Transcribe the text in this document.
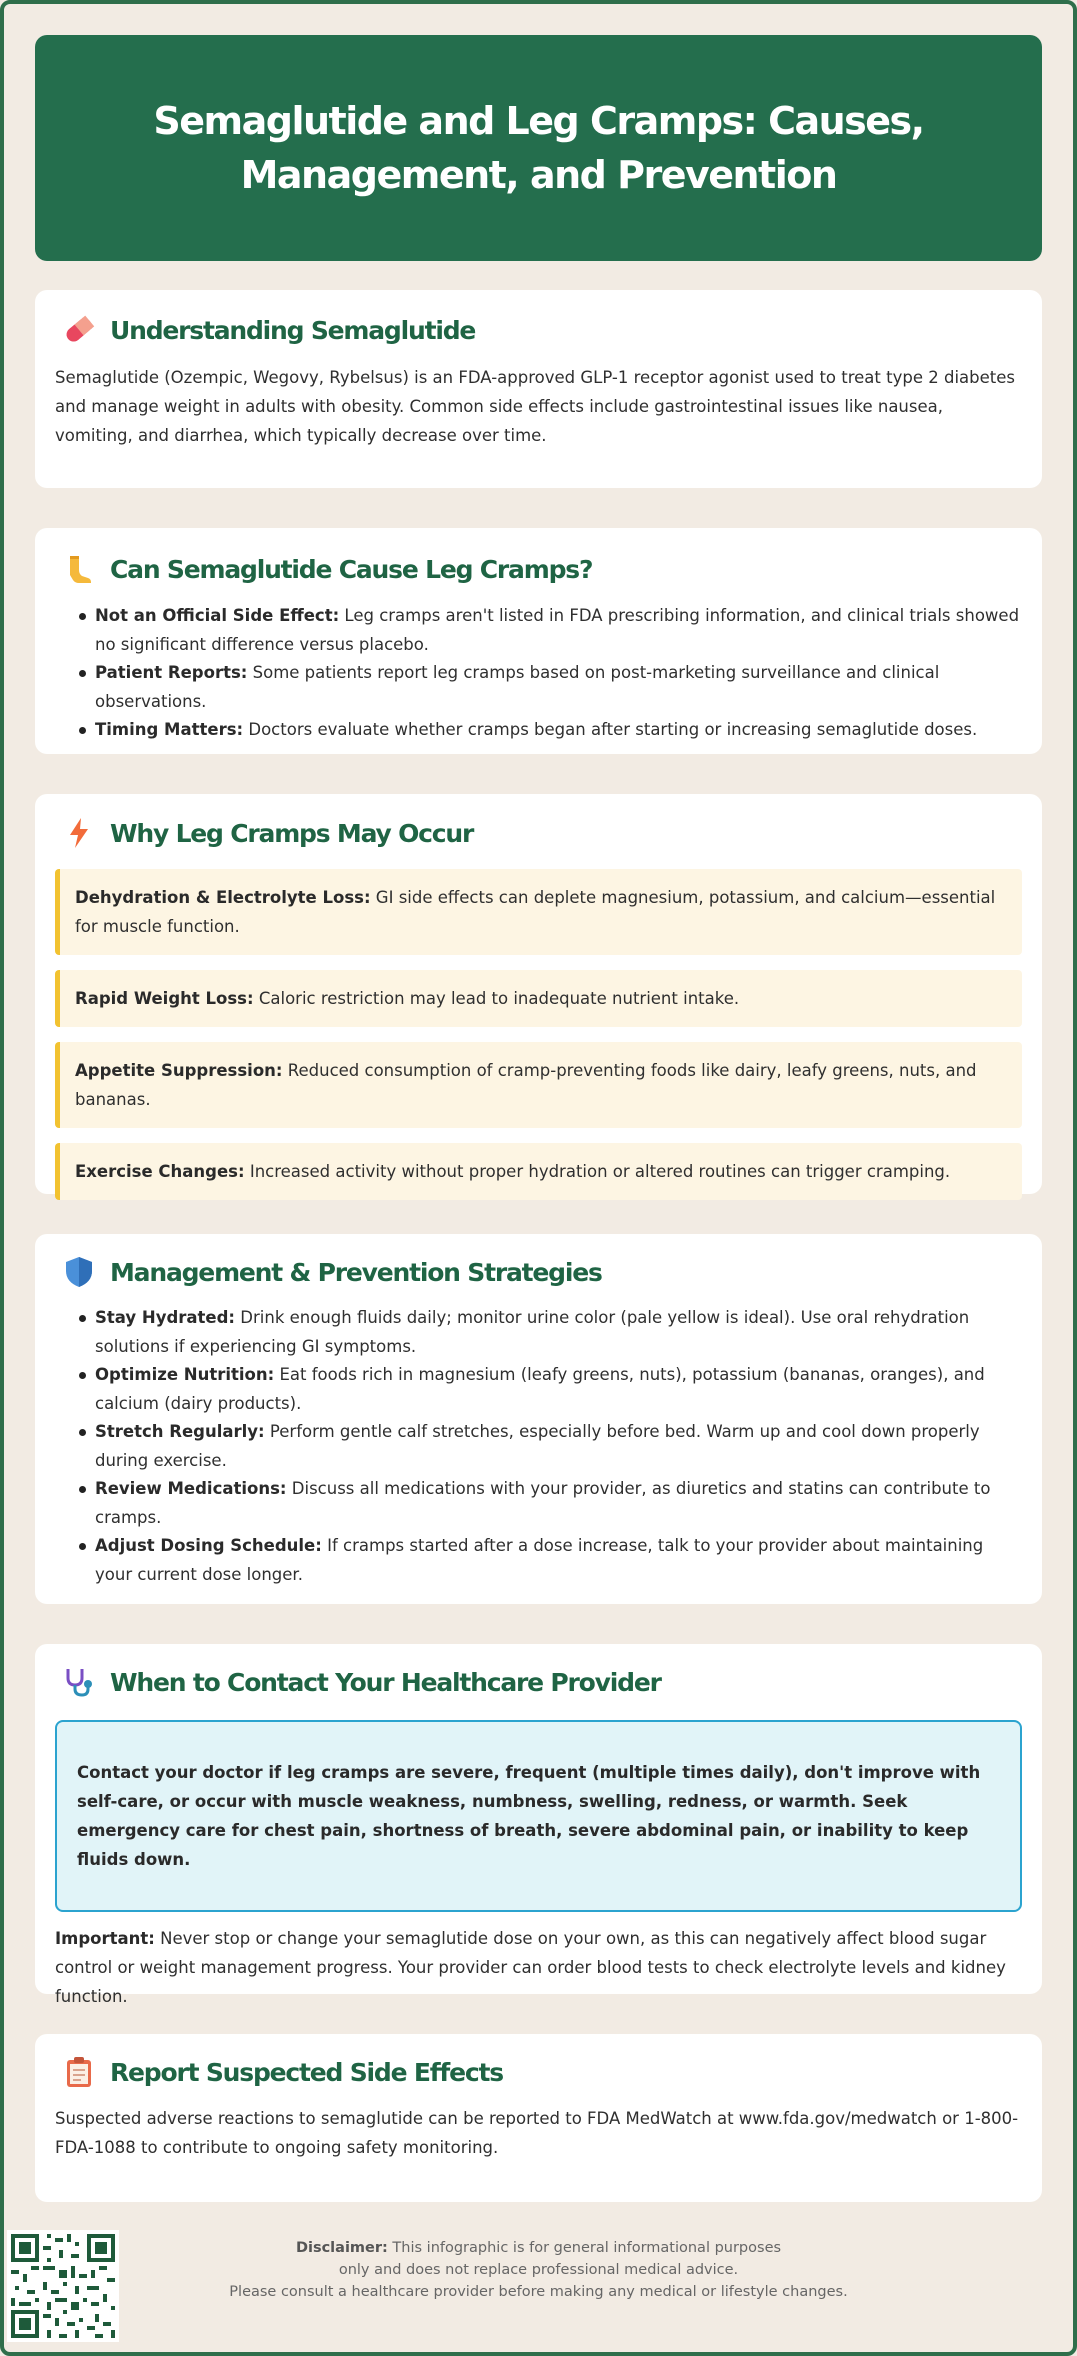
Semaglutide and Leg Cramps: Causes, Management, and Prevention
Understanding Semaglutide

Semaglutide (Ozempic, Wegovy, Rybelsus) is an FDA-approved GLP-1 receptor agonist used to treat type 2 diabetes and manage weight in adults with obesity. Common side effects include gastrointestinal issues like nausea, vomiting, and diarrhea, which typically decrease over time.

Can Semaglutide Cause Leg Cramps?
Not an Official Side Effect: Leg cramps aren't listed in FDA prescribing information, and clinical trials showed no significant difference versus placebo.
Patient Reports: Some patients report leg cramps based on post-marketing surveillance and clinical observations.
Timing Matters: Doctors evaluate whether cramps began after starting or increasing semaglutide doses.
Why Leg Cramps May Occur
Dehydration & Electrolyte Loss: GI side effects can deplete magnesium, potassium, and calcium—essential for muscle function.
Rapid Weight Loss: Caloric restriction may lead to inadequate nutrient intake.
Appetite Suppression: Reduced consumption of cramp-preventing foods like dairy, leafy greens, nuts, and bananas.
Exercise Changes: Increased activity without proper hydration or altered routines can trigger cramping.
Management & Prevention Strategies
Stay Hydrated: Drink enough fluids daily; monitor urine color (pale yellow is ideal). Use oral rehydration solutions if experiencing GI symptoms.
Optimize Nutrition: Eat foods rich in magnesium (leafy greens, nuts), potassium (bananas, oranges), and calcium (dairy products).
Stretch Regularly: Perform gentle calf stretches, especially before bed. Warm up and cool down properly during exercise.
Review Medications: Discuss all medications with your provider, as diuretics and statins can contribute to cramps.
Adjust Dosing Schedule: If cramps started after a dose increase, talk to your provider about maintaining your current dose longer.
When to Contact Your Healthcare Provider
Contact your doctor if leg cramps are severe, frequent (multiple times daily), don't improve with self-care, or occur with muscle weakness, numbness, swelling, redness, or warmth. Seek emergency care for chest pain, shortness of breath, severe abdominal pain, or inability to keep fluids down.

Important: Never stop or change your semaglutide dose on your own, as this can negatively affect blood sugar control or weight management progress. Your provider can order blood tests to check electrolyte levels and kidney function.

Report Suspected Side Effects

Suspected adverse reactions to semaglutide can be reported to FDA MedWatch at www.fda.gov/medwatch or 1-800-FDA-1088 to contribute to ongoing safety monitoring.

Disclaimer: This infographic is for general informational purposes
only and does not replace professional medical advice.
Please consult a healthcare provider before making any medical or lifestyle changes.
